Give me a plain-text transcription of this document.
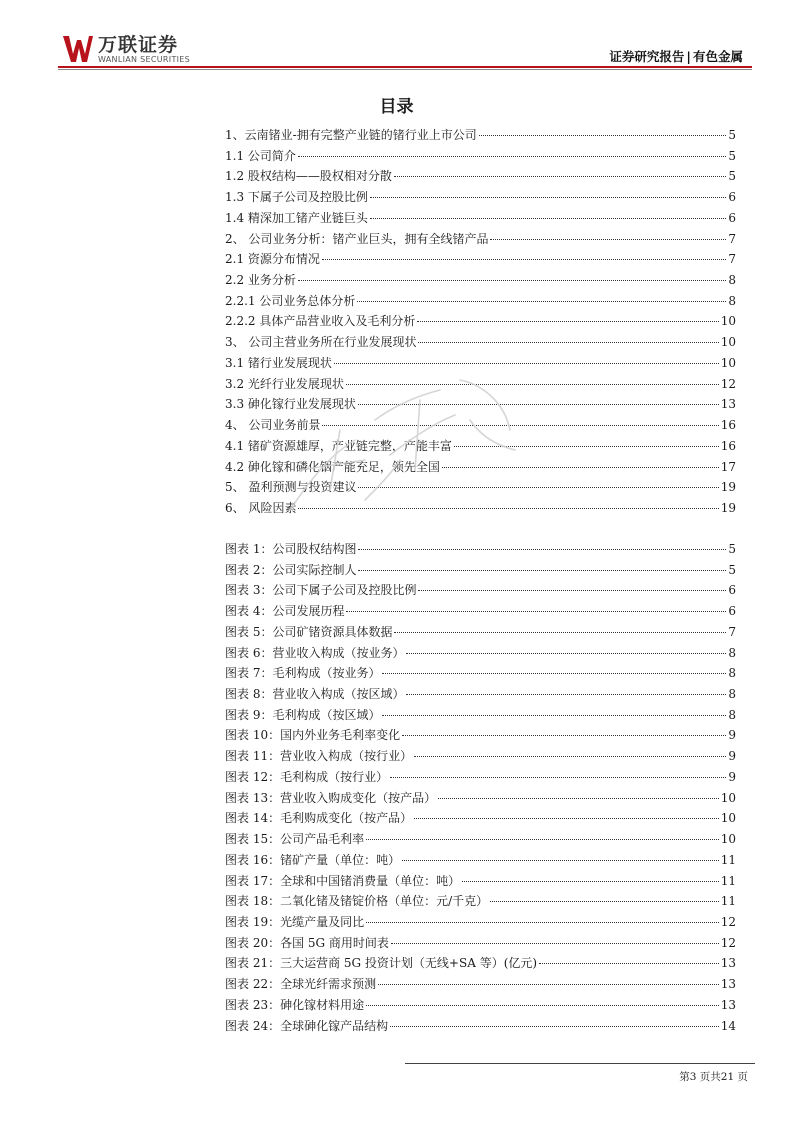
万联证券
WANLIAN SECURITIES	证券研究报告 | 有色金属
目录
1、云南锗业-拥有完整产业链的锗行业上市公司	5
1.1 公司简介	5
1.2 股权结构——股权相对分散	5
1.3 下属子公司及控股比例	6
1.4 精深加工锗产业链巨头	6
2、 公司业务分析：锗产业巨头，拥有全线锗产品	7
2.1 资源分布情况	7
2.2 业务分析	8
2.2.1 公司业务总体分析	8
2.2.2 具体产品营业收入及毛利分析	10
3、 公司主营业务所在行业发展现状	10
3.1 锗行业发展现状	10
3.2 光纤行业发展现状	12
3.3 砷化镓行业发展现状	13
4、 公司业务前景	16
4.1 锗矿资源雄厚，产业链完整，产能丰富	16
4.2 砷化镓和磷化铟产能充足，领先全国	17
5、 盈利预测与投资建议	19
6、 风险因素	19
图表 1：公司股权结构图	5
图表 2：公司实际控制人	5
图表 3：公司下属子公司及控股比例	6
图表 4：公司发展历程	6
图表 5：公司矿锗资源具体数据	7
图表 6：营业收入构成（按业务）	8
图表 7：毛利构成（按业务）	8
图表 8：营业收入构成（按区域）	8
图表 9：毛利构成（按区域）	8
图表 10：国内外业务毛利率变化	9
图表 11：营业收入构成（按行业）	9
图表 12：毛利构成（按行业）	9
图表 13：营业收入购成变化（按产品）	10
图表 14：毛利购成变化（按产品）	10
图表 15：公司产品毛利率	10
图表 16：锗矿产量（单位：吨）	11
图表 17：全球和中国锗消费量（单位：吨）	11
图表 18：二氧化锗及锗锭价格（单位：元/千克）	11
图表 19：光缆产量及同比	12
图表 20：各国 5G 商用时间表	12
图表 21：三大运营商 5G 投资计划（无线+SA 等）(亿元)	13
图表 22：全球光纤需求预测	13
图表 23：砷化镓材料用途	13
图表 24：全球砷化镓产品结构	14
第3 页共21 页
